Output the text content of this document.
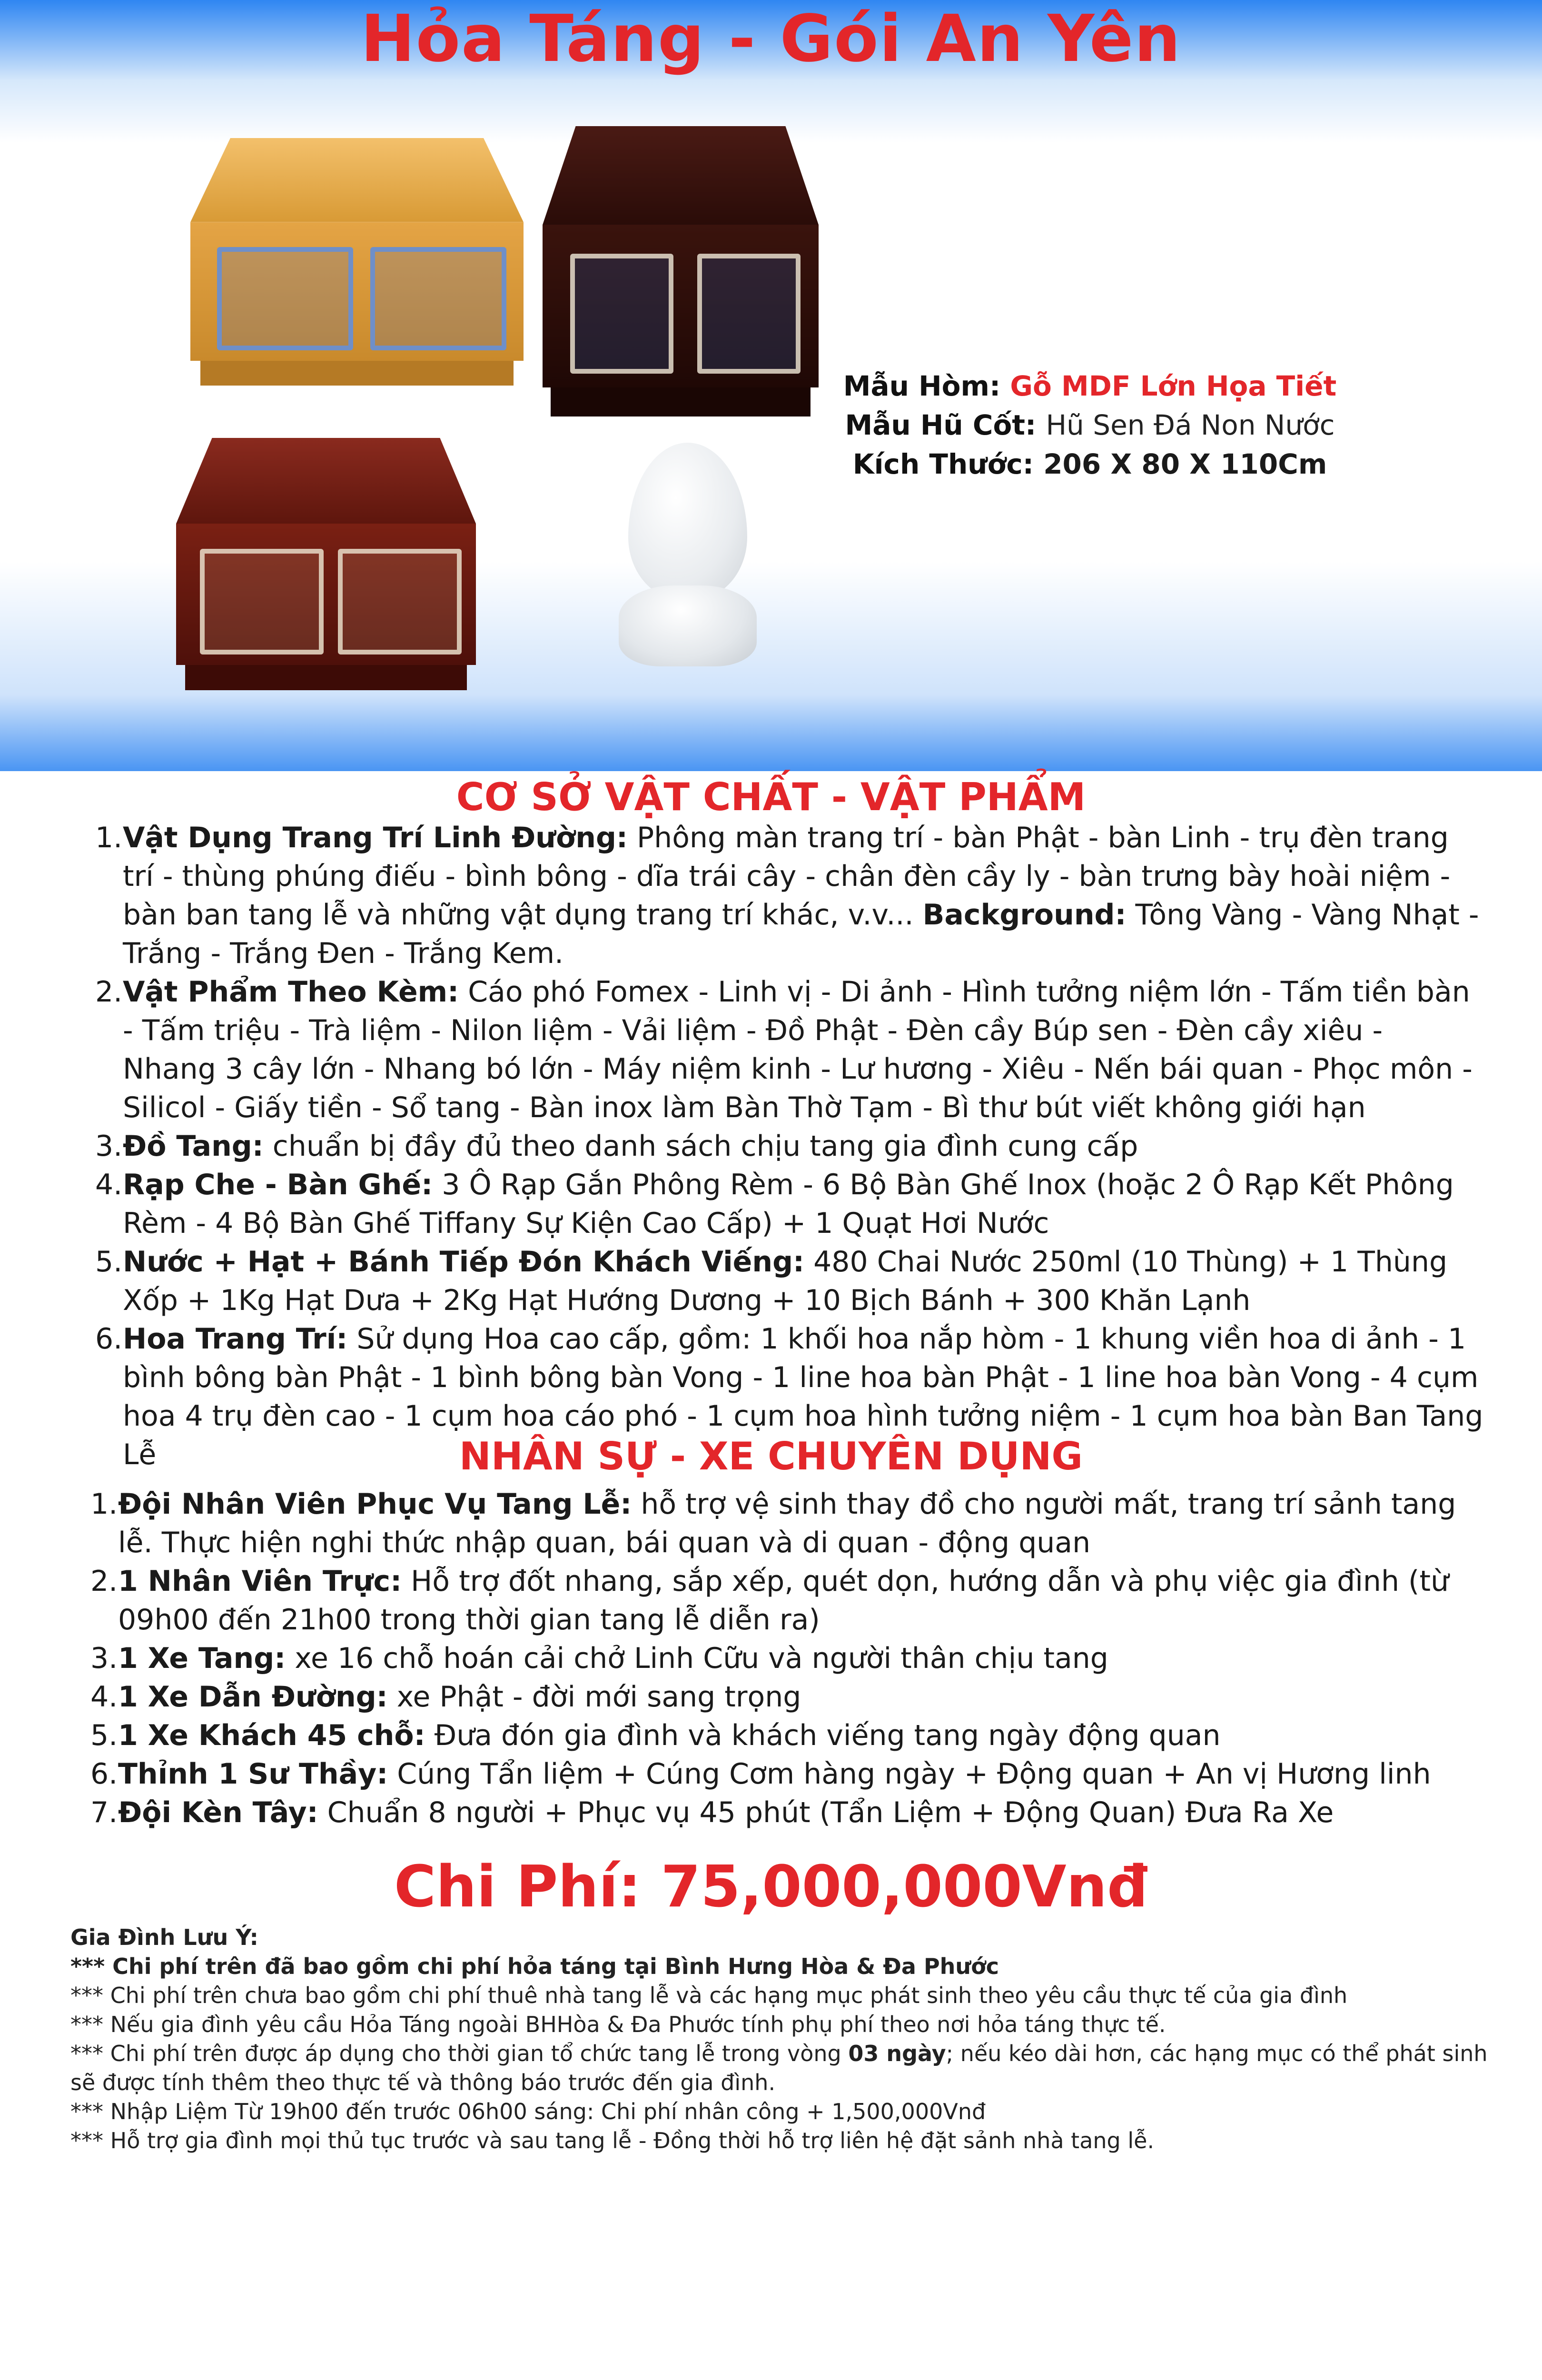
Hỏa Táng - Gói An Yên
Mẫu Hòm: Gỗ MDF Lớn Họa Tiết
Mẫu Hũ Cốt: Hũ Sen Đá Non Nước
Kích Thước: 206 X 80 X 110Cm
CƠ SỞ VẬT CHẤT - VẬT PHẨM
1. Vật Dụng Trang Trí Linh Đường: Phông màn trang trí - bàn Phật - bàn Linh - trụ đèn trang trí - thùng phúng điếu - bình bông - dĩa trái cây - chân đèn cầy ly - bàn trưng bày hoài niệm - bàn ban tang lễ và những vật dụng trang trí khác, v.v... Background: Tông Vàng - Vàng Nhạt - Trắng - Trắng Đen - Trắng Kem.
2. Vật Phẩm Theo Kèm: Cáo phó Fomex - Linh vị - Di ảnh - Hình tưởng niệm lớn - Tấm tiền bàn - Tấm triệu - Trà liệm - Nilon liệm - Vải liệm - Đồ Phật - Đèn cầy Búp sen - Đèn cầy xiêu - Nhang 3 cây lớn - Nhang bó lớn - Máy niệm kinh - Lư hương - Xiêu - Nến bái quan - Phọc môn - Silicol - Giấy tiền - Sổ tang - Bàn inox làm Bàn Thờ Tạm - Bì thư bút viết không giới hạn
3. Đồ Tang: chuẩn bị đầy đủ theo danh sách chịu tang gia đình cung cấp
4. Rạp Che - Bàn Ghế: 3 Ô Rạp Gắn Phông Rèm - 6 Bộ Bàn Ghế Inox (hoặc 2 Ô Rạp Kết Phông Rèm - 4 Bộ Bàn Ghế Tiffany Sự Kiện Cao Cấp) + 1 Quạt Hơi Nước
5. Nước + Hạt + Bánh Tiếp Đón Khách Viếng: 480 Chai Nước 250ml (10 Thùng) + 1 Thùng Xốp + 1Kg Hạt Dưa + 2Kg Hạt Hướng Dương + 10 Bịch Bánh + 300 Khăn Lạnh
6. Hoa Trang Trí: Sử dụng Hoa cao cấp, gồm: 1 khối hoa nắp hòm - 1 khung viền hoa di ảnh - 1 bình bông bàn Phật - 1 bình bông bàn Vong - 1 line hoa bàn Phật - 1 line hoa bàn Vong - 4 cụm hoa 4 trụ đèn cao - 1 cụm hoa cáo phó - 1 cụm hoa hình tưởng niệm - 1 cụm hoa bàn Ban Tang Lễ	NHÂN SỰ - XE CHUYÊN DỤNG
1. Đội Nhân Viên Phục Vụ Tang Lễ: hỗ trợ vệ sinh thay đồ cho người mất, trang trí sảnh tang lễ. Thực hiện nghi thức nhập quan, bái quan và di quan - động quan
2. 1 Nhân Viên Trực: Hỗ trợ đốt nhang, sắp xếp, quét dọn, hướng dẫn và phụ việc gia đình (từ 09h00 đến 21h00 trong thời gian tang lễ diễn ra)
3. 1 Xe Tang: xe 16 chỗ hoán cải chở Linh Cữu và người thân chịu tang
4. 1 Xe Dẫn Đường: xe Phật - đời mới sang trọng
5. 1 Xe Khách 45 chỗ: Đưa đón gia đình và khách viếng tang ngày động quan
6. Thỉnh 1 Sư Thầy: Cúng Tẩn liệm + Cúng Cơm hàng ngày + Động quan + An vị Hương linh
7. Đội Kèn Tây: Chuẩn 8 người + Phục vụ 45 phút (Tẩn Liệm + Động Quan) Đưa Ra Xe
Chi Phí: 75,000,000Vnđ
Gia Đình Lưu Ý:
*** Chi phí trên đã bao gồm chi phí hỏa táng tại Bình Hưng Hòa & Đa Phước
*** Chi phí trên chưa bao gồm chi phí thuê nhà tang lễ và các hạng mục phát sinh theo yêu cầu thực tế của gia đình
*** Nếu gia đình yêu cầu Hỏa Táng ngoài BHHòa & Đa Phước tính phụ phí theo nơi hỏa táng thực tế.
*** Chi phí trên được áp dụng cho thời gian tổ chức tang lễ trong vòng 03 ngày; nếu kéo dài hơn, các hạng mục có thể phát sinh sẽ được tính thêm theo thực tế và thông báo trước đến gia đình.
*** Nhập Liệm Từ 19h00 đến trước 06h00 sáng: Chi phí nhân công + 1,500,000Vnđ
*** Hỗ trợ gia đình mọi thủ tục trước và sau tang lễ - Đồng thời hỗ trợ liên hệ đặt sảnh nhà tang lễ.
